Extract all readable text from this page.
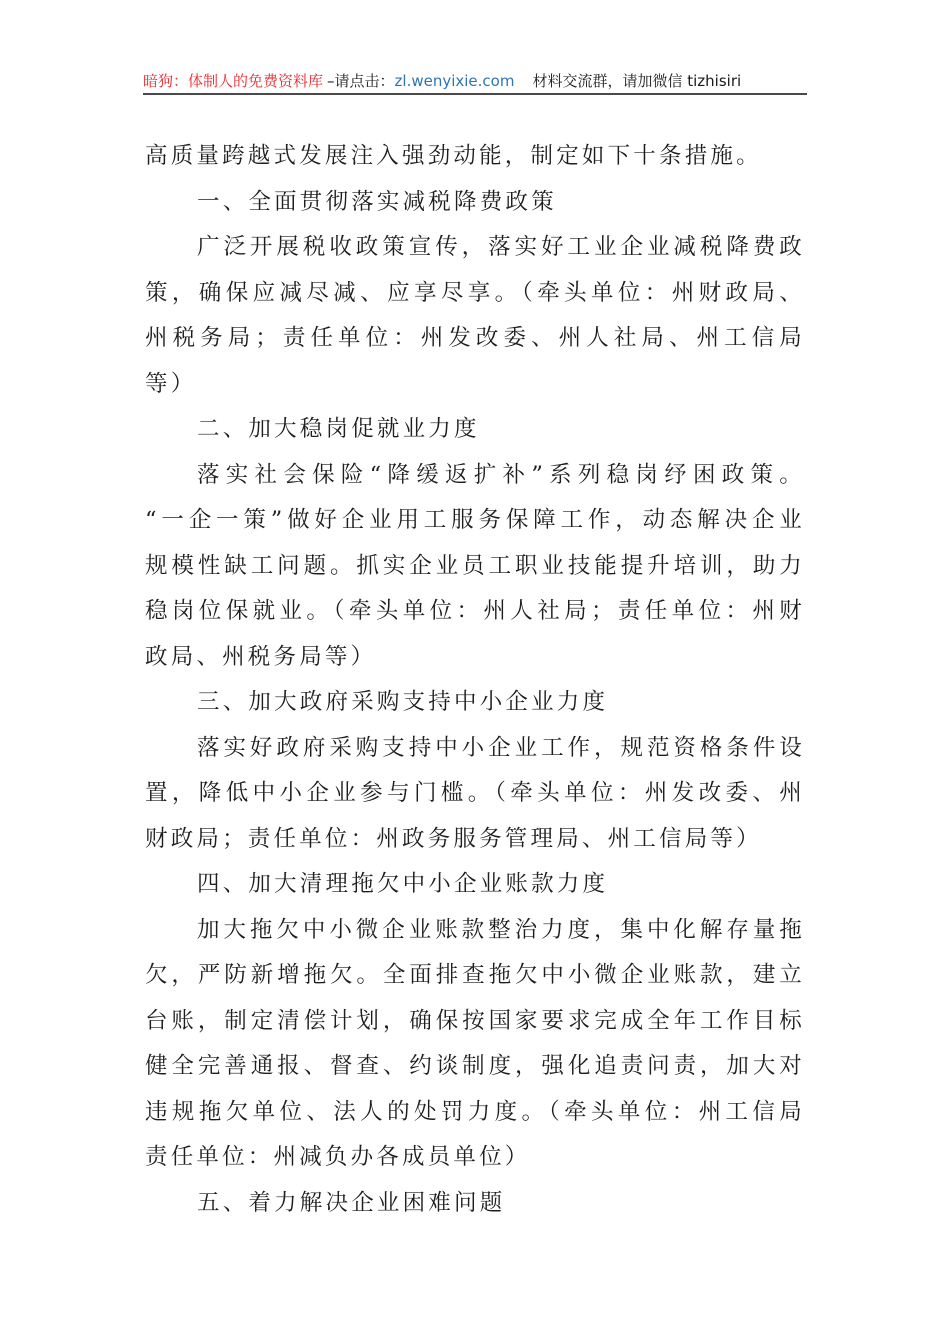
暗狗：体制人的免费资料库 –请点击： zl.wenyixie.com 材料交流群，请加微信 tizhisiri
高质量跨越式发展注入强劲动能，制定如下十条措施。
一、全面贯彻落实减税降费政策
广泛开展税收政策宣传，落实好工业企业减税降费政
策，确保应减尽减、应享尽享。（牵头单位：州财政局、
州税务局；责任单位：州发改委、州人社局、州工信局
等）
二、加大稳岗促就业力度
落实社会保险“降缓返扩补”系列稳岗纾困政策。
“一企一策”做好企业用工服务保障工作，动态解决企业
规模性缺工问题。抓实企业员工职业技能提升培训，助力
稳岗位保就业。（牵头单位：州人社局；责任单位：州财
政局、州税务局等）
三、加大政府采购支持中小企业力度
落实好政府采购支持中小企业工作，规范资格条件设
置，降低中小企业参与门槛。（牵头单位：州发改委、州
财政局；责任单位：州政务服务管理局、州工信局等）
四、加大清理拖欠中小企业账款力度
加大拖欠中小微企业账款整治力度，集中化解存量拖
欠，严防新增拖欠。全面排查拖欠中小微企业账款，建立
台账，制定清偿计划，确保按国家要求完成全年工作目标
健全完善通报、督查、约谈制度，强化追责问责，加大对
违规拖欠单位、法人的处罚力度。（牵头单位：州工信局
责任单位：州减负办各成员单位）
五、着力解决企业困难问题
